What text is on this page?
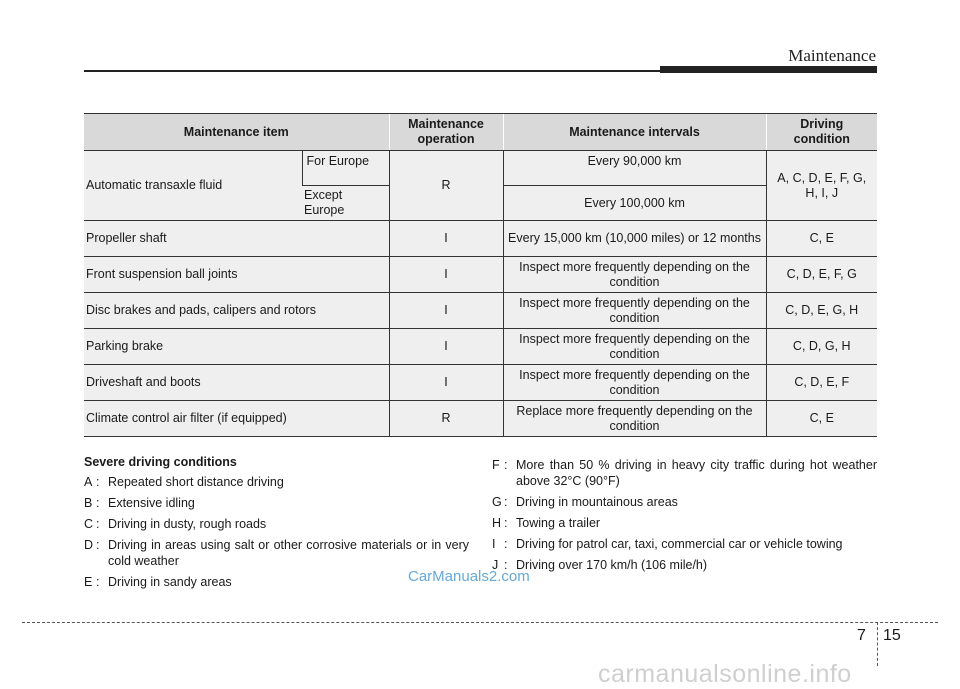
Maintenance
Maintenance item		Maintenance operation	Maintenance intervals	Driving condition
Automatic transaxle fluid	For Europe	R	Every 90,000 km	A, C, D, E, F, G, H, I, J
	Except Europe		Every 100,000 km	
Propeller shaft		I	Every 15,000 km (10,000 miles) or 12 months	C, E
Front suspension ball joints		I	Inspect more frequently depending on the condition	C, D, E, F, G
Disc brakes and pads, calipers and rotors		I	Inspect more frequently depending on the condition	C, D, E, G, H
Parking brake		I	Inspect more frequently depending on the condition	C, D, G, H
Driveshaft and boots		I	Inspect more frequently depending on the condition	C, D, E, F
Climate control air filter (if equipped)		R	Replace more frequently depending on the condition	C, E
Severe driving conditions
A : Repeated short distance driving
B : Extensive idling
C : Driving in dusty, rough roads
D : Driving in areas using salt or other corrosive materials or in very cold weather
E : Driving in sandy areas
F : More than 50 % driving in heavy city traffic during hot weather above 32°C (90°F)
G : Driving in mountainous areas
H : Towing a trailer
I : Driving for patrol car, taxi, commercial car or vehicle towing
J : Driving over 170 km/h (106 mile/h)
CarManuals2.com
7 15
carmanualsonline.info
